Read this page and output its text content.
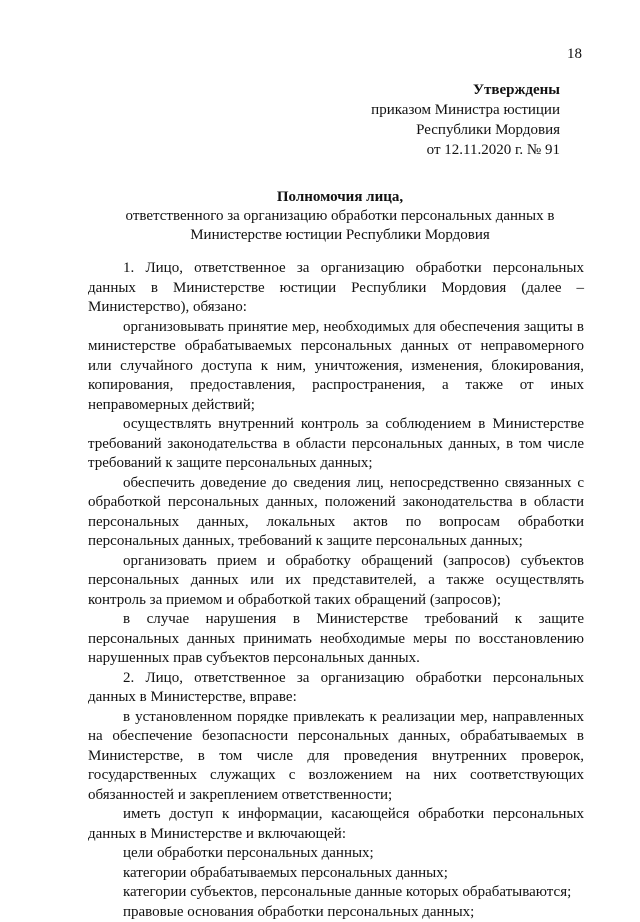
18
Утверждены
приказом Министра юстиции
Республики Мордовия
от 12.11.2020 г. № 91
Полномочия лица,
ответственного за организацию обработки персональных данных в
Министерстве юстиции Республики Мордовия

1. Лицо, ответственное за организацию обработки персональных данных в Министерстве юстиции Республики Мордовия (далее – Министерство), обязано:

организовывать принятие мер, необходимых для обеспечения защиты в министерстве обрабатываемых персональных данных от неправомерного или случайного доступа к ним, уничтожения, изменения, блокирования, копирования, предоставления, распространения, а также от иных неправомерных действий;

осуществлять внутренний контроль за соблюдением в Министерстве требований законодательства в области персональных данных, в том числе требований к защите персональных данных;

обеспечить доведение до сведения лиц, непосредственно связанных с обработкой персональных данных, положений законодательства в области персональных данных, локальных актов по вопросам обработки персональных данных, требований к защите персональных данных;

организовать прием и обработку обращений (запросов) субъектов персональных данных или их представителей, а также осуществлять контроль за приемом и обработкой таких обращений (запросов);

в случае нарушения в Министерстве требований к защите персональных данных принимать необходимые меры по восстановлению нарушенных прав субъектов персональных данных.

2. Лицо, ответственное за организацию обработки персональных данных в Министерстве, вправе:

в установленном порядке привлекать к реализации мер, направленных на обеспечение безопасности персональных данных, обрабатываемых в Министерстве, в том числе для проведения внутренних проверок, государственных служащих с возложением на них соответствующих обязанностей и закреплением ответственности;

иметь доступ к информации, касающейся обработки персональных данных в Министерстве и включающей:

цели обработки персональных данных;

категории обрабатываемых персональных данных;

категории субъектов, персональные данные которых обрабатываются;

правовые основания обработки персональных данных;
